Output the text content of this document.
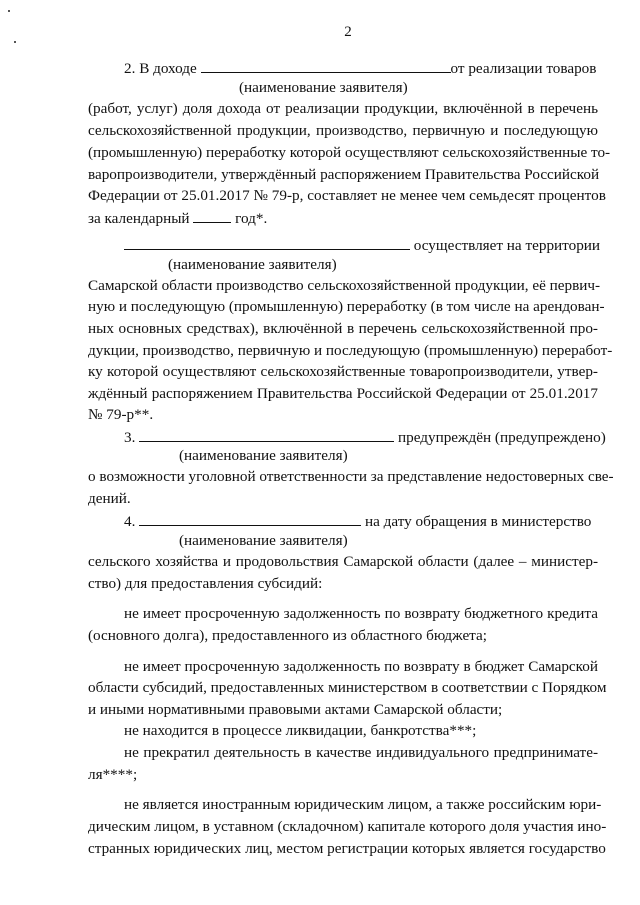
2
2. В доходе	от реализации товаров
(наименование заявителя)
(работ, услуг) доля дохода от реализации продукции, включённой в перечень
сельскохозяйственной продукции, производство, первичную и последующую
(промышленную) переработку которой осуществляют сельскохозяйственные то-
варопроизводители, утверждённый распоряжением Правительства Российской
Федерации от 25.01.2017 № 79-р, составляет не менее чем семьдесят процентов
за календарный	год*.
осуществляет на территории
(наименование заявителя)
Самарской области производство сельскохозяйственной продукции, её первич-
ную и последующую (промышленную) переработку (в том числе на арендован-
ных основных средствах), включённой в перечень сельскохозяйственной про-
дукции, производство, первичную и последующую (промышленную) переработ-
ку которой осуществляют сельскохозяйственные товаропроизводители, утвер-
ждённый распоряжением Правительства Российской Федерации от 25.01.2017
№ 79-р**.
3.	предупреждён (предупреждено)
(наименование заявителя)
о возможности уголовной ответственности за представление недостоверных све-
дений.
4.	на дату обращения в министерство
(наименование заявителя)
сельского хозяйства и продовольствия Самарской области (далее – министер-
ство) для предоставления субсидий:
не имеет просроченную задолженность по возврату бюджетного кредита
(основного долга), предоставленного из областного бюджета;
не имеет просроченную задолженность по возврату в бюджет Самарской
области субсидий, предоставленных министерством в соответствии с Порядком
и иными нормативными правовыми актами Самарской области;
не находится в процессе ликвидации, банкротства***;
не прекратил деятельность в качестве индивидуального предпринимате-
ля****;
не является иностранным юридическим лицом, а также российским юри-
дическим лицом, в уставном (складочном) капитале которого доля участия ино-
странных юридических лиц, местом регистрации которых является государство
